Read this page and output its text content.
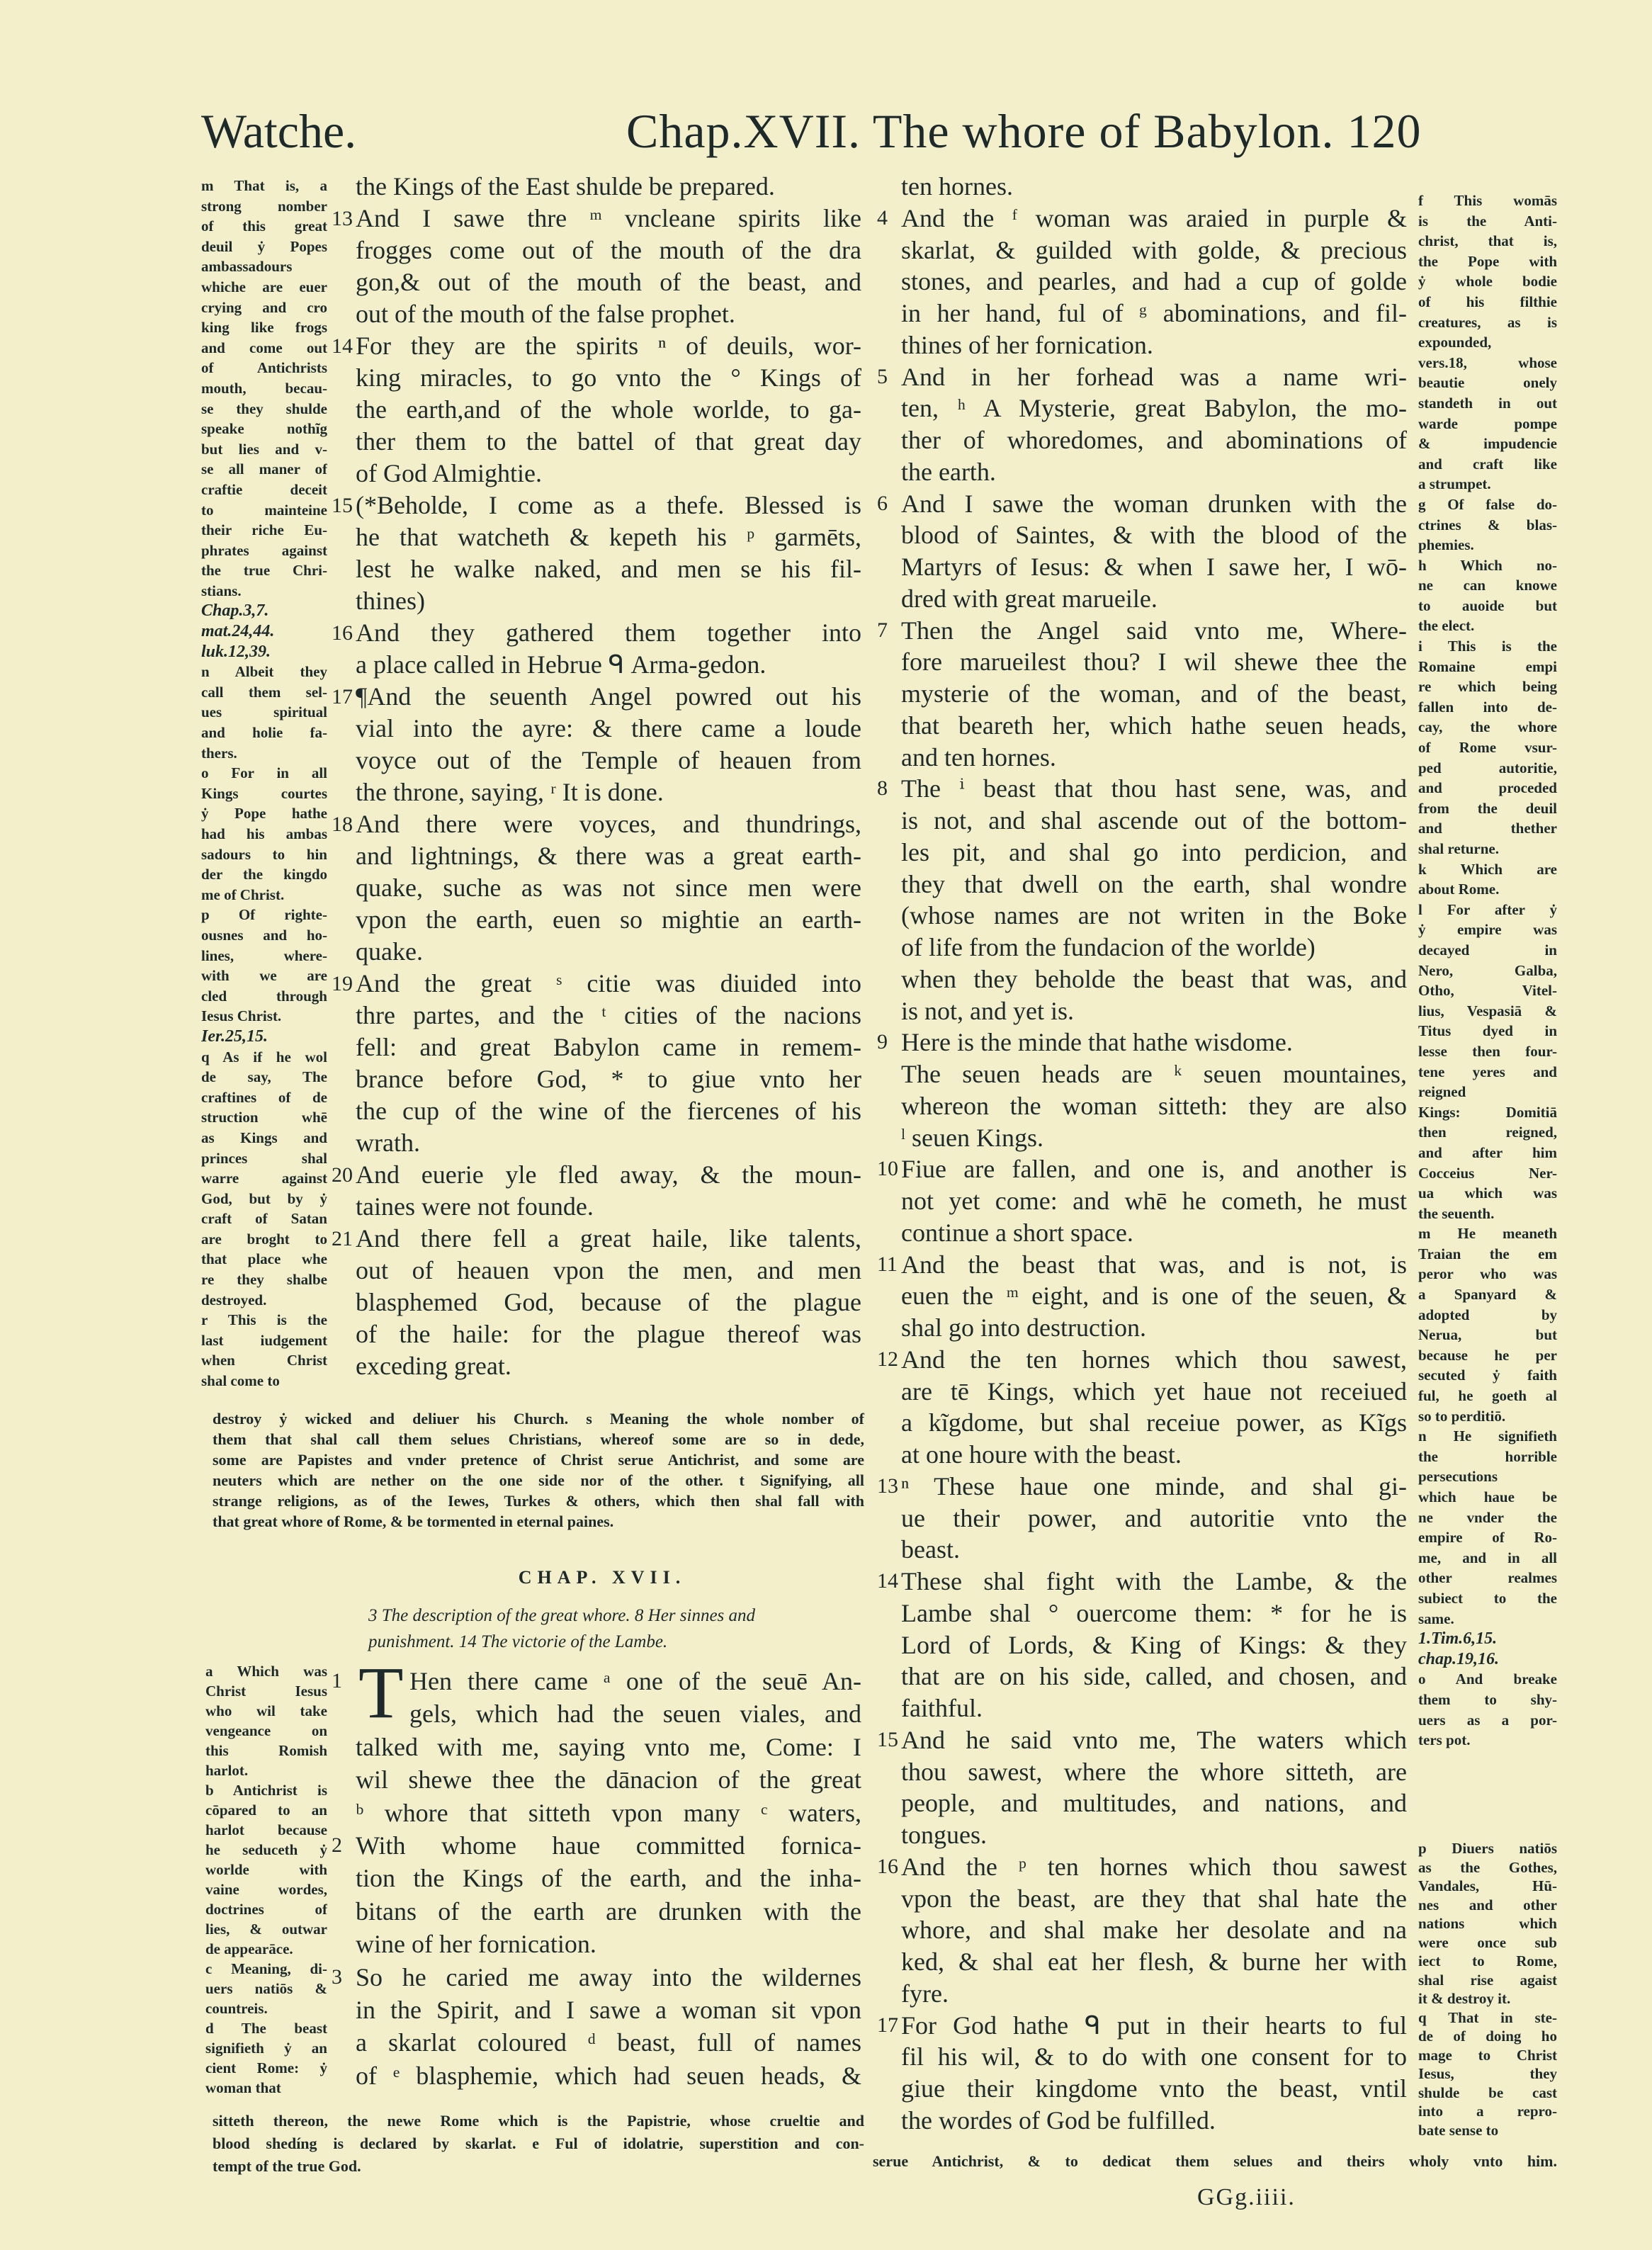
Watche.	Chap.XVII. The whore of Babylon. 120
m That is, a
strong nomber
of this great
deuil ẏ Popes
ambassadours
whiche are euer
crying and cro
king like frogs
and come out
of Antichrists
mouth, becau-
se they shulde
speake nothĩg
but lies and v-
se all maner of
craftie deceit
to mainteine
their riche Eu-
phrates against
the true Chri-
stians.
Chap.3,7.
mat.24,44.
luk.12,39.
n Albeit they
call them sel-
ues spiritual
and holie fa-
thers.
o For in all
Kings courtes
ẏ Pope hathe
had his ambas
sadours to hin
der the kingdo
me of Christ.
p Of righte-
ousnes and ho-
lines, where-
with we are
cled through
Iesus Christ.
Ier.25,15.
q As if he wol
de say, The
craftines of de
struction whē
as Kings and
princes shal
warre against
God, but by ẏ
craft of Satan
are broght to
that place whe
re they shalbe
destroyed.
r This is the
last iudgement
when Christ
shal come to
the Kings of the East shulde be prepared.
13 And I sawe thre ᵐ vncleane spirits like
frogges come out of the mouth of the dra
gon,& out of the mouth of the beast, and
out of the mouth of the false prophet.
14 For they are the spirits ⁿ of deuils, wor-
king miracles, to go vnto the ° Kings of
the earth,and of the whole worlde, to ga-
ther them to the battel of that great day
of God Almightie.
15 (*Beholde, I come as a thefe. Blessed is
he that watcheth & kepeth his ᵖ garmēts,
lest he walke naked, and men se his fil-
thines)
16 And they gathered them together into
a place called in Hebrue ᑫ Arma-gedon.
17 ¶And the seuenth Angel powred out his
vial into the ayre: & there came a loude
voyce out of the Temple of heauen from
the throne, saying, ʳ It is done.
18 And there were voyces, and thundrings,
and lightnings, & there was a great earth-
quake, suche as was not since men were
vpon the earth, euen so mightie an earth-
quake.
19 And the great ˢ citie was diuided into
thre partes, and the ᵗ cities of the nacions
fell: and great Babylon came in remem-
brance before God, * to giue vnto her
the cup of the wine of the fiercenes of his
wrath.
20 And euerie yle fled away, & the moun-
taines were not founde.
21 And there fell a great haile, like talents,
out of heauen vpon the men, and men
blasphemed God, because of the plague
of the haile: for the plague thereof was
exceding great.
destroy ẏ wicked and deliuer his Church. s Meaning the whole nomber of
them that shal call them selues Christians, whereof some are so in dede,
some are Papistes and vnder pretence of Christ serue Antichrist, and some are
neuters which are nether on the one side nor of the other. t Signifying, all
strange religions, as of the Iewes, Turkes & others, which then shal fall with
that great whore of Rome, & be tormented in eternal paines.
CHAP. XVII.
3 The description of the great whore. 8 Her sinnes and
punishment. 14 The victorie of the Lambe.
T
a Which was
Christ Iesus
who wil take
vengeance on
this Romish
harlot.
b Antichrist is
cōpared to an
harlot because
he seduceth ẏ
worlde with
vaine wordes,
doctrines of
lies, & outwar
de appearāce.
c Meaning, di-
uers natiōs &
countreis.
d The beast
signifieth ẏ an
cient Rome: ẏ
woman that
1	Hen there came ᵃ one of the seuē An-
gels, which had the seuen viales, and
talked with me, saying vnto me, Come: I
wil shewe thee the dānacion of the great
ᵇ whore that sitteth vpon many ᶜ waters,
2 With whome haue committed fornica-
tion the Kings of the earth, and the inha-
bitans of the earth are drunken with the
wine of her fornication.
3 So he caried me away into the wildernes
in the Spirit, and I sawe a woman sit vpon
a skarlat coloured ᵈ beast, full of names
of ᵉ blasphemie, which had seuen heads, &
sitteth thereon, the newe Rome which is the Papistrie, whose crueltie and
blood shedíng is declared by skarlat. e Ful of idolatrie, superstition and con-
tempt of the true God.
ten hornes.
4 And the ᶠ woman was araied in purple &
skarlat, & guilded with golde, & precious
stones, and pearles, and had a cup of golde
in her hand, ful of ᵍ abominations, and fil-
thines of her fornication.
5 And in her forhead was a name wri-
ten, ʰ A Mysterie, great Babylon, the mo-
ther of whoredomes, and abominations of
the earth.
6 And I sawe the woman drunken with the
blood of Saintes, & with the blood of the
Martyrs of Iesus: & when I sawe her, I wō-
dred with great marueile.
7 Then the Angel said vnto me, Where-
fore marueilest thou? I wil shewe thee the
mysterie of the woman, and of the beast,
that beareth her, which hathe seuen heads,
and ten hornes.
8 The ⁱ beast that thou hast sene, was, and
is not, and shal ascende out of the bottom-
les pit, and shal go into perdicion, and
they that dwell on the earth, shal wondre
(whose names are not writen in the Boke
of life from the fundacion of the worlde)
when they beholde the beast that was, and
is not, and yet is.
9 Here is the minde that hathe wisdome.
The seuen heads are ᵏ seuen mountaines,
whereon the woman sitteth: they are also
ˡ seuen Kings.
10 Fiue are fallen, and one is, and another is
not yet come: and whē he cometh, he must
continue a short space.
11 And the beast that was, and is not, is
euen the ᵐ eight, and is one of the seuen, &
shal go into destruction.
12 And the ten hornes which thou sawest,
are tē Kings, which yet haue not receiued
a kĩgdome, but shal receiue power, as Kĩgs
at one houre with the beast.
13 ⁿ These haue one minde, and shal gi-
ue their power, and autoritie vnto the
beast.
14 These shal fight with the Lambe, & the
Lambe shal ° ouercome them: * for he is
Lord of Lords, & King of Kings: & they
that are on his side, called, and chosen, and
faithful.
15 And he said vnto me, The waters which
thou sawest, where the whore sitteth, are
people, and multitudes, and nations, and
tongues.
16 And the ᵖ ten hornes which thou sawest
vpon the beast, are they that shal hate the
whore, and shal make her desolate and na
ked, & shal eat her flesh, & burne her with
fyre.
17 For God hathe ᑫ put in their hearts to ful
fil his wil, & to do with one consent for to
giue their kingdome vnto the beast, vntil
the wordes of God be fulfilled.
f This womās
is the Anti-
christ, that is,
the Pope with
ẏ whole bodie
of his filthie
creatures, as is
expounded,
vers.18, whose
beautie onely
standeth in out
warde pompe
& impudencie
and craft like
a strumpet.
g Of false do-
ctrines & blas-
phemies.
h Which no-
ne can knowe
to auoide but
the elect.
i This is the
Romaine empi
re which being
fallen into de-
cay, the whore
of Rome vsur-
ped autoritie,
and proceded
from the deuil
and thether
shal returne.
k Which are
about Rome.
l For after ẏ
ẏ empire was
decayed in
Nero, Galba,
Otho, Vitel-
lius, Vespasiā &
Titus dyed in
lesse then four-
tene yeres and
reigned
Kings: Domitiā
then reigned,
and after him
Cocceius Ner-
ua which was
the seuenth.
m He meaneth
Traian the em
peror who was
a Spanyard &
adopted by
Nerua, but
because he per
secuted ẏ faith
ful, he goeth al
so to perditiō.
n He signifieth
the horrible
persecutions
which haue be
ne vnder the
empire of Ro-
me, and in all
other realmes
subiect to the
same.
1.Tim.6,15.
chap.19,16.
o And breake
them to shy-
uers as a por-
ters pot.
p Diuers natiōs
as the Gothes,
Vandales, Hū-
nes and other
nations which
were once sub
iect to Rome,
shal rise agaist
it & destroy it.
q That in ste-
de of doing ho
mage to Christ
Iesus, they
shulde be cast
into a repro-
bate sense to
serue Antichrist, & to dedicat them selues and theirs wholy vnto him.
GGg.iiii.
